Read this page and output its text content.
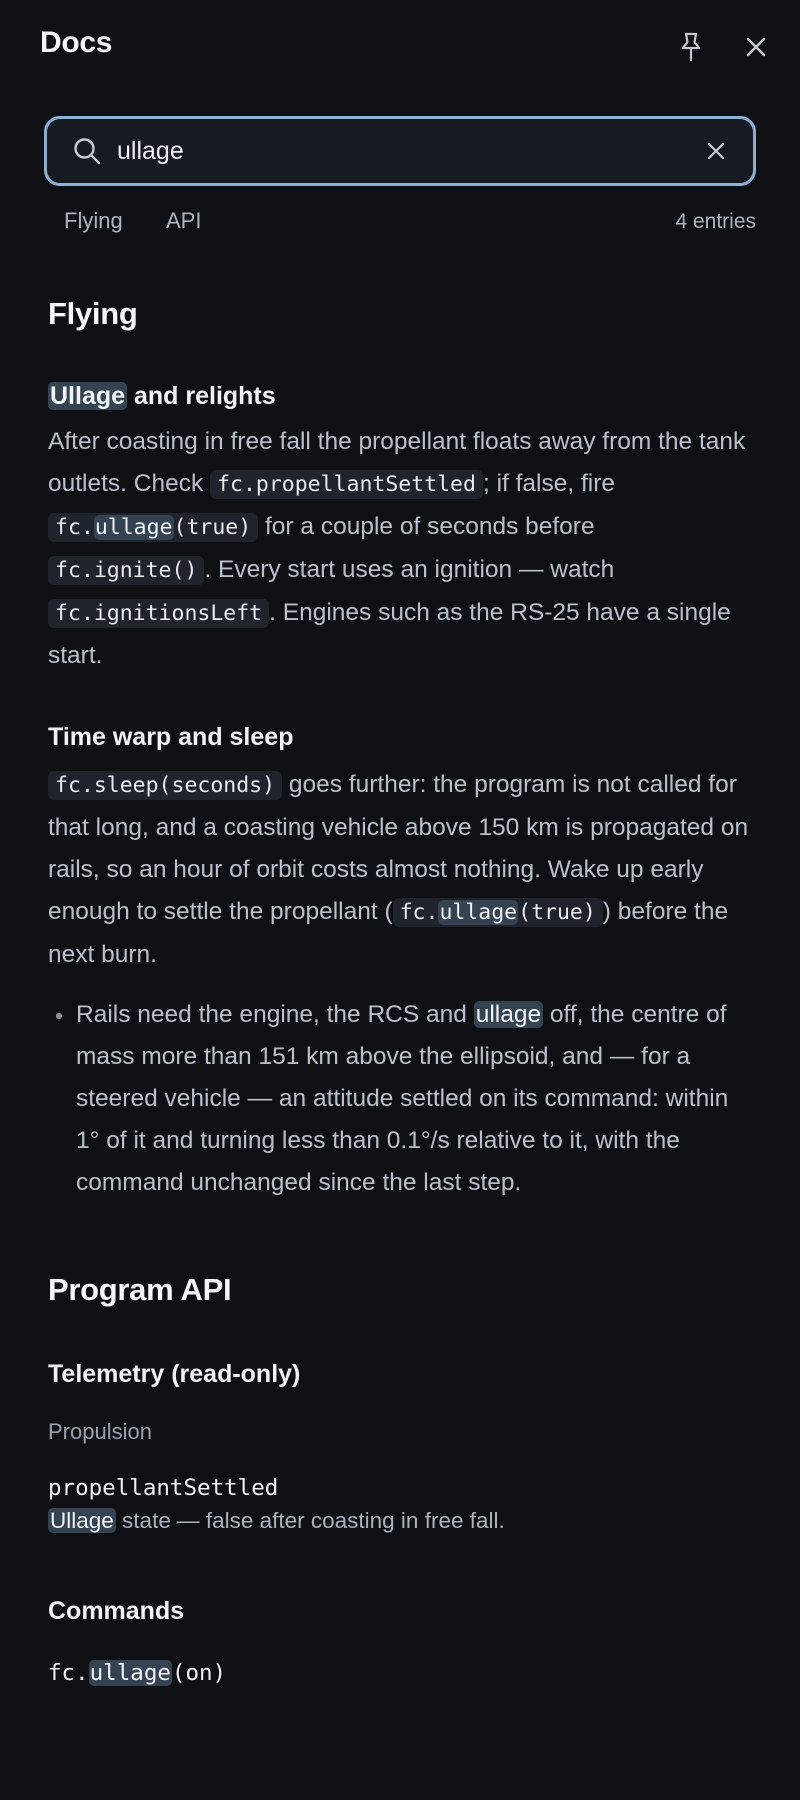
Docs
ullage
Flying API	4 entries
Flying
Ullage and relights

After coasting in free fall the propellant floats away from the tank outlets. Check fc.propellantSettled ; if false, fire fc.ullage(true) for a couple of seconds before fc.ignite() . Every start uses an ignition — watch fc.ignitionsLeft . Engines such as the RS-25 have a single start.

Time warp and sleep

fc.sleep(seconds) goes further: the program is not called for that long, and a coasting vehicle above 150 km is propagated on rails, so an hour of orbit costs almost nothing. Wake up early enough to settle the propellant ( fc.ullage(true) ) before the next burn.

Rails need the engine, the RCS and ullage off, the centre of mass more than 151 km above the ellipsoid, and — for a steered vehicle — an attitude settled on its command: within 1° of it and turning less than 0.1°/s relative to it, with the command unchanged since the last step.
Program API
Telemetry (read-only)

Propulsion

propellantSettled

Ullage state — false after coasting in free fall.

Commands

fc.ullage(on)
